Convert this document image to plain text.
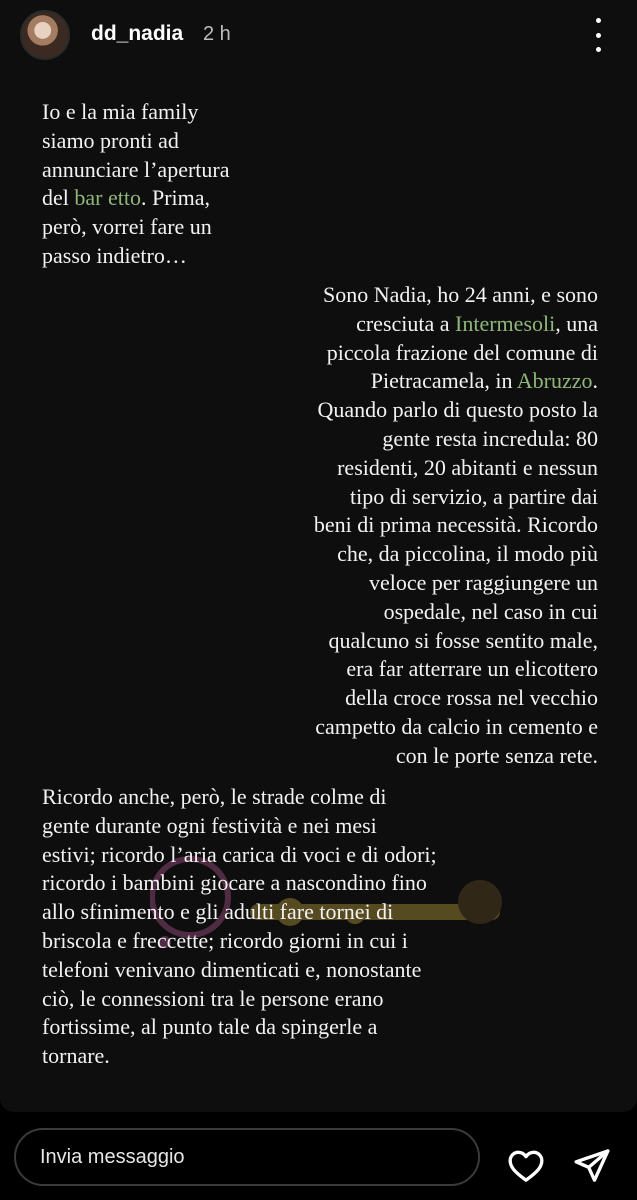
dd_nadia 2 h

Io e la mia family
siamo pronti ad
annunciare l’apertura
del bar etto. Prima,
però, vorrei fare un
passo indietro…

Sono Nadia, ho 24 anni, e sono
cresciuta a Intermesoli, una
piccola frazione del comune di
Pietracamela, in Abruzzo.
Quando parlo di questo posto la
gente resta incredula: 80
residenti, 20 abitanti e nessun
tipo di servizio, a partire dai
beni di prima necessità. Ricordo
che, da piccolina, il modo più
veloce per raggiungere un
ospedale, nel caso in cui
qualcuno si fosse sentito male,
era far atterrare un elicottero
della croce rossa nel vecchio
campetto da calcio in cemento e
con le porte senza rete.

Ricordo anche, però, le strade colme di
gente durante ogni festività e nei mesi
estivi; ricordo l’aria carica di voci e di odori;
ricordo i bambini giocare a nascondino fino
allo sfinimento e gli adulti fare tornei di
briscola e freccette; ricordo giorni in cui i
telefoni venivano dimenticati e, nonostante
ciò, le connessioni tra le persone erano
fortissime, al punto tale da spingerle a
tornare.

Invia messaggio
